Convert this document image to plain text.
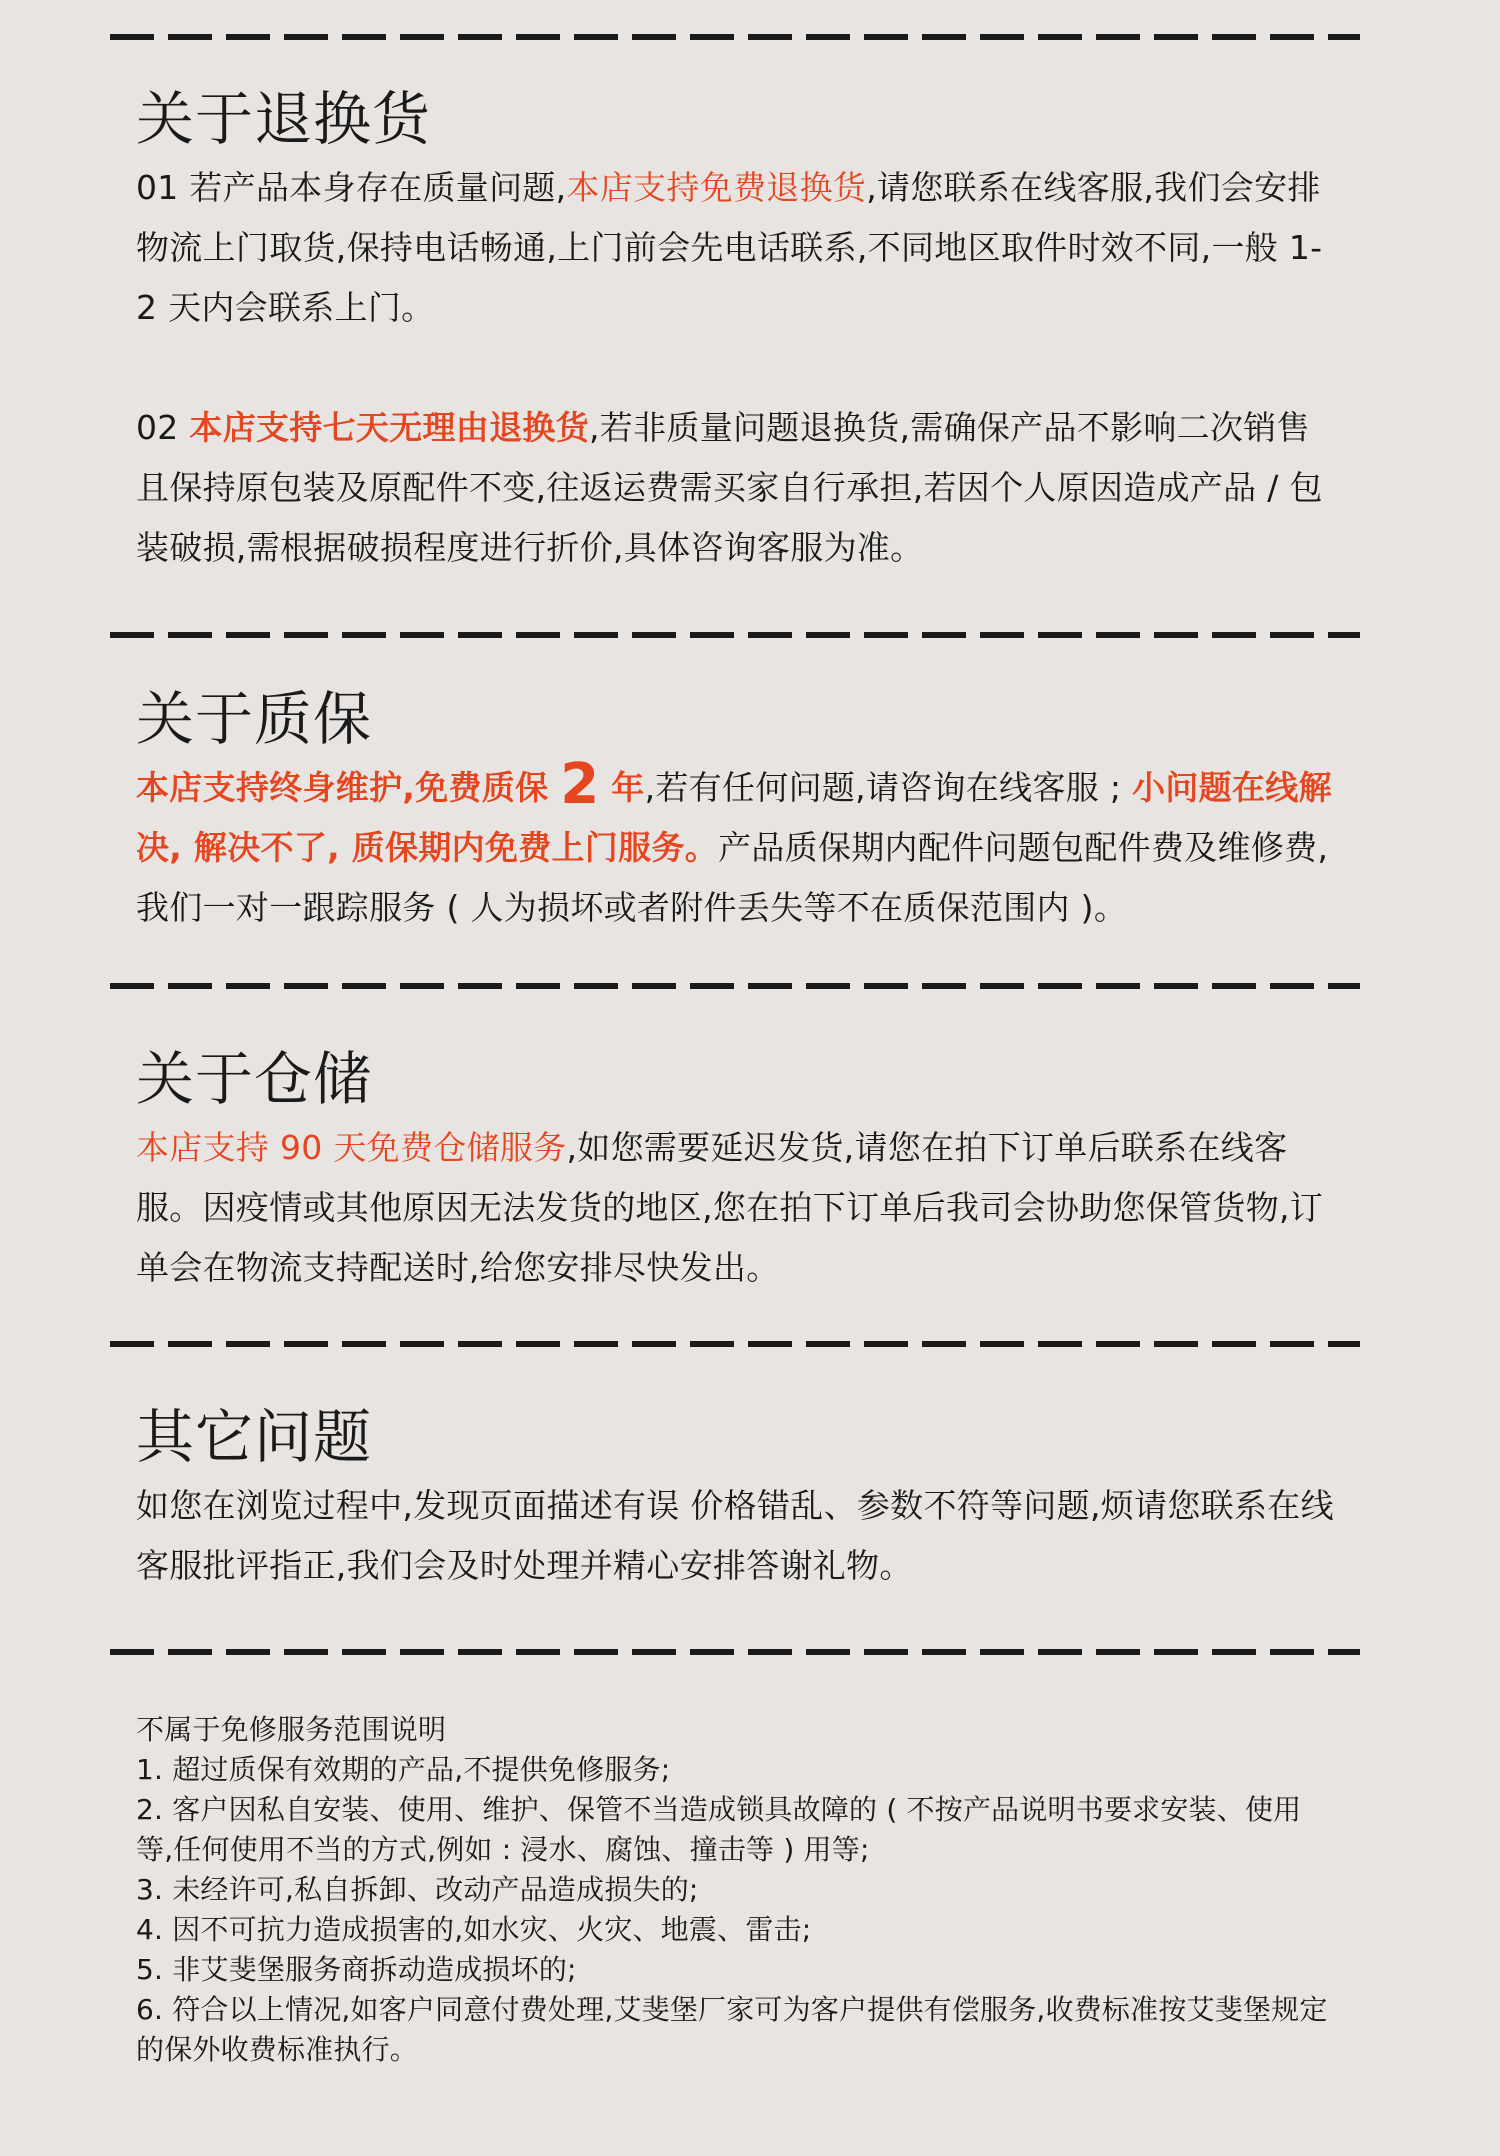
关于退换货

01 若产品本身存在质量问题,本店支持免费退换货,请您联系在线客服,我们会安排物流上门取货,保持电话畅通,上门前会先电话联系,不同地区取件时效不同,一般 1-2 天内会联系上门。

02 本店支持七天无理由退换货,若非质量问题退换货,需确保产品不影响二次销售且保持原包装及原配件不变,往返运费需买家自行承担,若因个人原因造成产品 / 包装破损,需根据破损程度进行折价,具体咨询客服为准。

关于质保

本店支持终身维护,免费质保 2 年,若有任何问题,请咨询在线客服 ; 小问题在线解决, 解决不了, 质保期内免费上门服务。产品质保期内配件问题包配件费及维修费,我们一对一跟踪服务 ( 人为损坏或者附件丢失等不在质保范围内 )。

关于仓储

本店支持 90 天免费仓储服务,如您需要延迟发货,请您在拍下订单后联系在线客服。因疫情或其他原因无法发货的地区,您在拍下订单后我司会协助您保管货物,订单会在物流支持配送时,给您安排尽快发出。

其它问题

如您在浏览过程中,发现页面描述有误 价格错乱、参数不符等问题,烦请您联系在线客服批评指正,我们会及时处理并精心安排答谢礼物。

不属于免修服务范围说明

1. 超过质保有效期的产品,不提供免修服务;

2. 客户因私自安装、使用、维护、保管不当造成锁具故障的 ( 不按产品说明书要求安装、使用等,任何使用不当的方式,例如 : 浸水、腐蚀、撞击等 ) 用等;

3. 未经许可,私自拆卸、改动产品造成损失的;

4. 因不可抗力造成损害的,如水灾、火灾、地震、雷击;

5. 非艾斐堡服务商拆动造成损坏的;

6. 符合以上情况,如客户同意付费处理,艾斐堡厂家可为客户提供有偿服务,收费标准按艾斐堡规定的保外收费标准执行。
